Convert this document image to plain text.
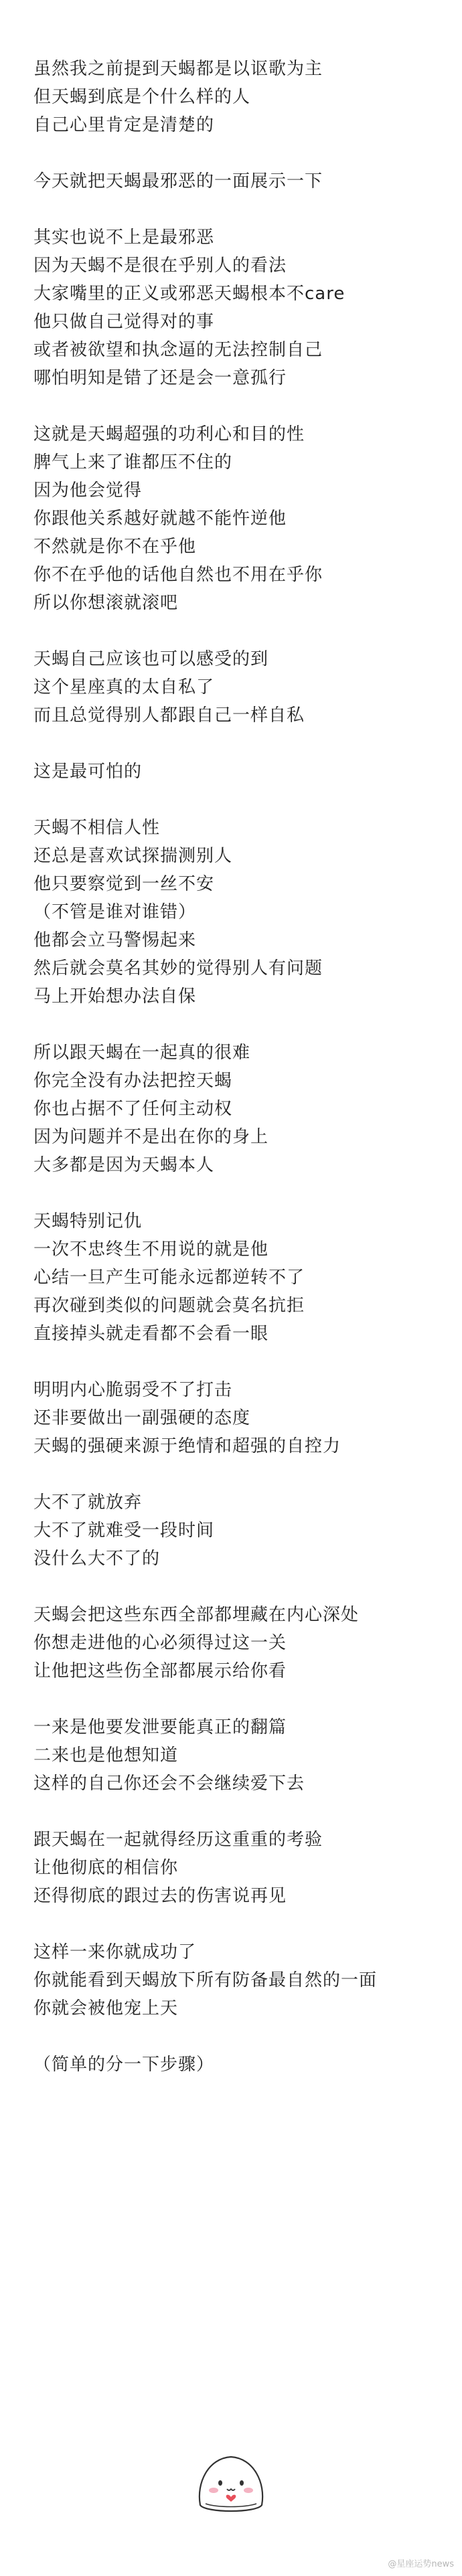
虽然我之前提到天蝎都是以讴歌为主
但天蝎到底是个什么样的人
自己心里肯定是清楚的
今天就把天蝎最邪恶的一面展示一下
其实也说不上是最邪恶
因为天蝎不是很在乎别人的看法
大家嘴里的正义或邪恶天蝎根本不care
他只做自己觉得对的事
或者被欲望和执念逼的无法控制自己
哪怕明知是错了还是会一意孤行
这就是天蝎超强的功利心和目的性
脾气上来了谁都压不住的
因为他会觉得
你跟他关系越好就越不能忤逆他
不然就是你不在乎他
你不在乎他的话他自然也不用在乎你
所以你想滚就滚吧
天蝎自己应该也可以感受的到
这个星座真的太自私了
而且总觉得别人都跟自己一样自私
这是最可怕的
天蝎不相信人性
还总是喜欢试探揣测别人
他只要察觉到一丝不安
（不管是谁对谁错）
他都会立马警惕起来
然后就会莫名其妙的觉得别人有问题
马上开始想办法自保
所以跟天蝎在一起真的很难
你完全没有办法把控天蝎
你也占据不了任何主动权
因为问题并不是出在你的身上
大多都是因为天蝎本人
天蝎特别记仇
一次不忠终生不用说的就是他
心结一旦产生可能永远都逆转不了
再次碰到类似的问题就会莫名抗拒
直接掉头就走看都不会看一眼
明明内心脆弱受不了打击
还非要做出一副强硬的态度
天蝎的强硬来源于绝情和超强的自控力
大不了就放弃
大不了就难受一段时间
没什么大不了的
天蝎会把这些东西全部都埋藏在内心深处
你想走进他的心必须得过这一关
让他把这些伤全部都展示给你看
一来是他要发泄要能真正的翻篇
二来也是他想知道
这样的自己你还会不会继续爱下去
跟天蝎在一起就得经历这重重的考验
让他彻底的相信你
还得彻底的跟过去的伤害说再见
这样一来你就成功了
你就能看到天蝎放下所有防备最自然的一面
你就会被他宠上天
（简单的分一下步骤）
@星座运势news
